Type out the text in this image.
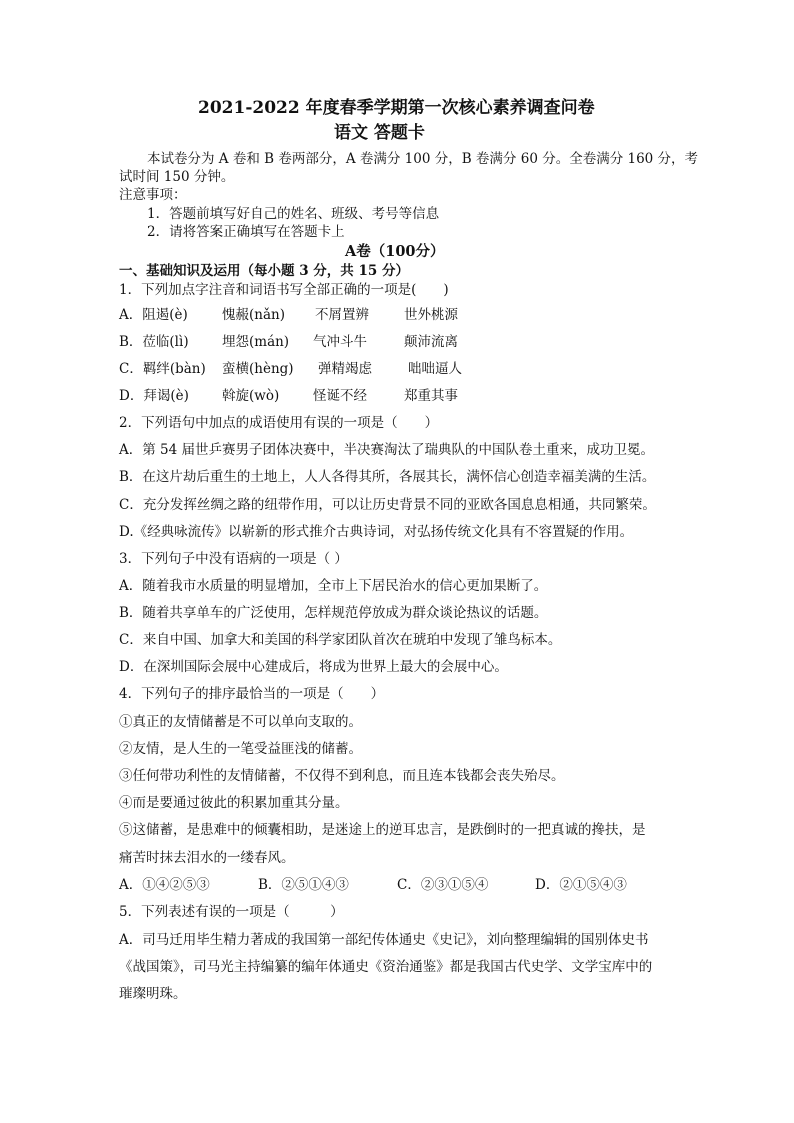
2021-2022 年度春季学期第一次核心素养调查问卷
语文 答题卡
本试卷分为 A 卷和 B 卷两部分，A 卷满分 100 分，B 卷满分 60 分。全卷满分 160 分，考
试时间 150 分钟。
注意事项：
1．答题前填写好自己的姓名、班级、考号等信息
2．请将答案正确填写在答题卡上
A卷（100分）
一、基础知识及运用（每小题 3 分，共 15 分）
1．下列加点字注音和词语书写全部正确的一项是(　　)
A．阻遏(è)	愧赧(nǎn) 不屑置辨	世外桃源
B．莅临(lì) 埋怨(mán) 气冲斗牛	颠沛流离
C．羁绊(bàn) 蛮横(hèng) 弹精竭虑	咄咄逼人
D．拜谒(è) 斡旋(wò)	怪诞不经	郑重其事
2．下列语句中加点的成语使用有误的一项是（　　）
A．第 54 届世乒赛男子团体决赛中，半决赛淘汰了瑞典队的中国队卷土重来，成功卫冕。
B．在这片劫后重生的土地上，人人各得其所，各展其长，满怀信心创造幸福美满的生活。
C．充分发挥丝绸之路的纽带作用，可以让历史背景不同的亚欧各国息息相通，共同繁荣。
D.《经典咏流传》以崭新的形式推介古典诗词，对弘扬传统文化具有不容置疑的作用。
3．下列句子中没有语病的一项是（ ）
A．随着我市水质量的明显增加，全市上下居民治水的信心更加果断了。
B．随着共享单车的广泛使用，怎样规范停放成为群众谈论热议的话题。
C．来自中国、加拿大和美国的科学家团队首次在琥珀中发现了雏鸟标本。
D．在深圳国际会展中心建成后，将成为世界上最大的会展中心。
4．下列句子的排序最恰当的一项是（　　）
①真正的友情储蓄是不可以单向支取的。
②友情，是人生的一笔受益匪浅的储蓄。
③任何带功利性的友情储蓄，不仅得不到利息，而且连本钱都会丧失殆尽。
④而是要通过彼此的积累加重其分量。
⑤这储蓄，是患难中的倾囊相助，是迷途上的逆耳忠言，是跌倒时的一把真诚的搀扶，是
痛苦时抹去泪水的一缕春风。
A．①④②⑤③	B．②⑤①④③	C．②③①⑤④	D．②①⑤④③
5．下列表述有误的一项是（　　　）
A．司马迁用毕生精力著成的我国第一部纪传体通史《史记》，刘向整理编辑的国别体史书
《战国策》，司马光主持编纂的编年体通史《资治通鉴》都是我国古代史学、文学宝库中的
璀璨明珠。
